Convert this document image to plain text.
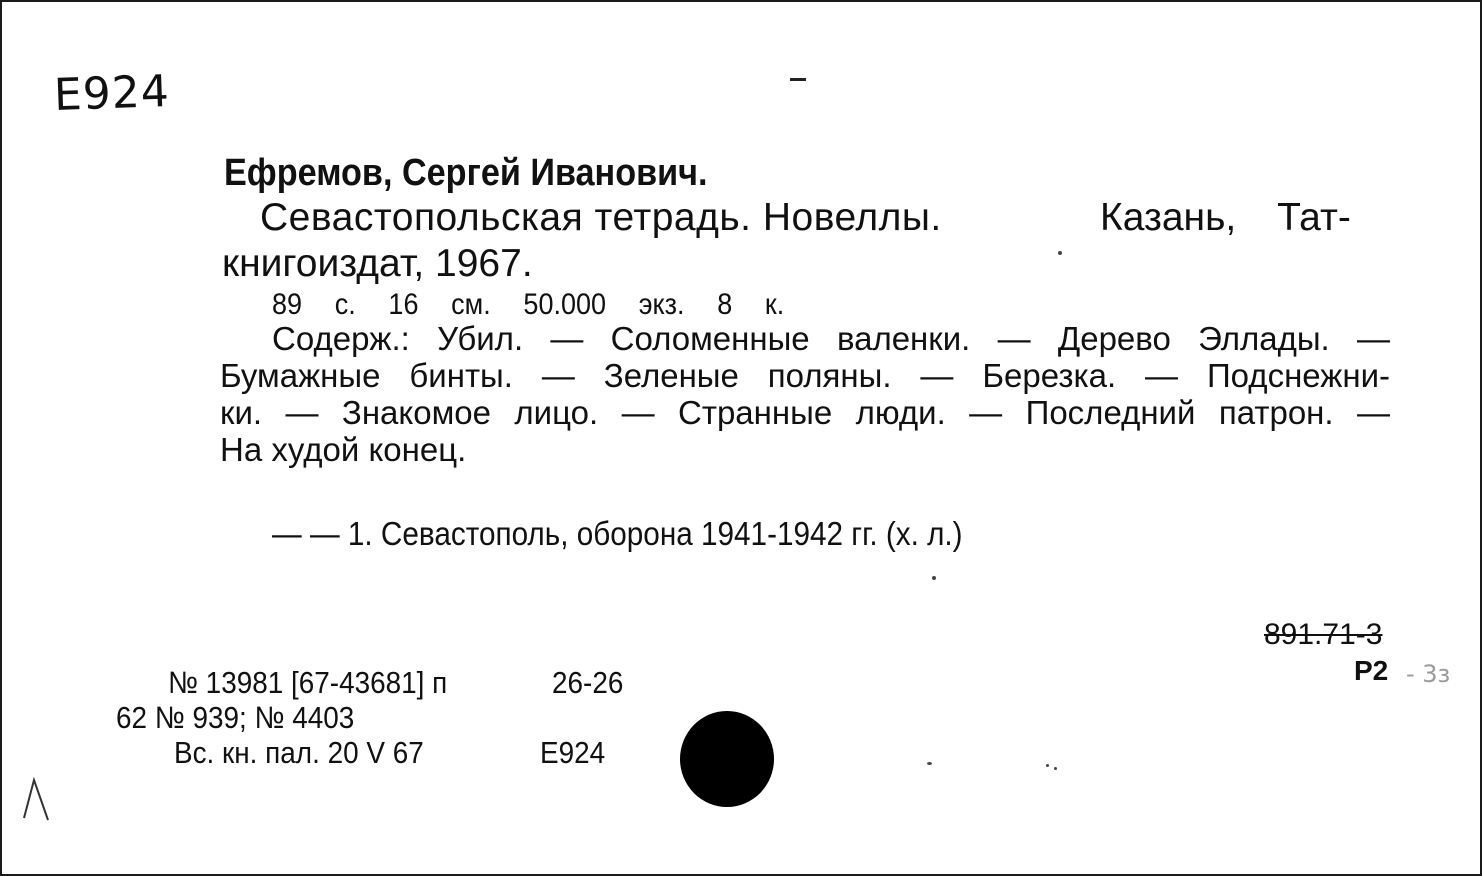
Е924
Ефремов, Сергей Иванович.
Севастопольская тетрадь. Новеллы.	Казань, Тат-
книгоиздат, 1967.
89 с. 16 см. 50.000 экз. 8 к.
Содерж.: Убил. — Соломенные валенки. — Дерево Эллады. —
Бумажные бинты. — Зеленые поляны. — Березка. — Подснежни-
ки. — Знакомое лицо. — Странные люди. — Последний патрон. —
На худой конец.
— — 1. Севастополь, оборона 1941-1942 гг. (х. л.)
891.71-3
Р2 - 3з
№ 13981 [67-43681] п	26-26
62 № 939; № 4403
Вс. кн. пал. 20 V 67	Е924
